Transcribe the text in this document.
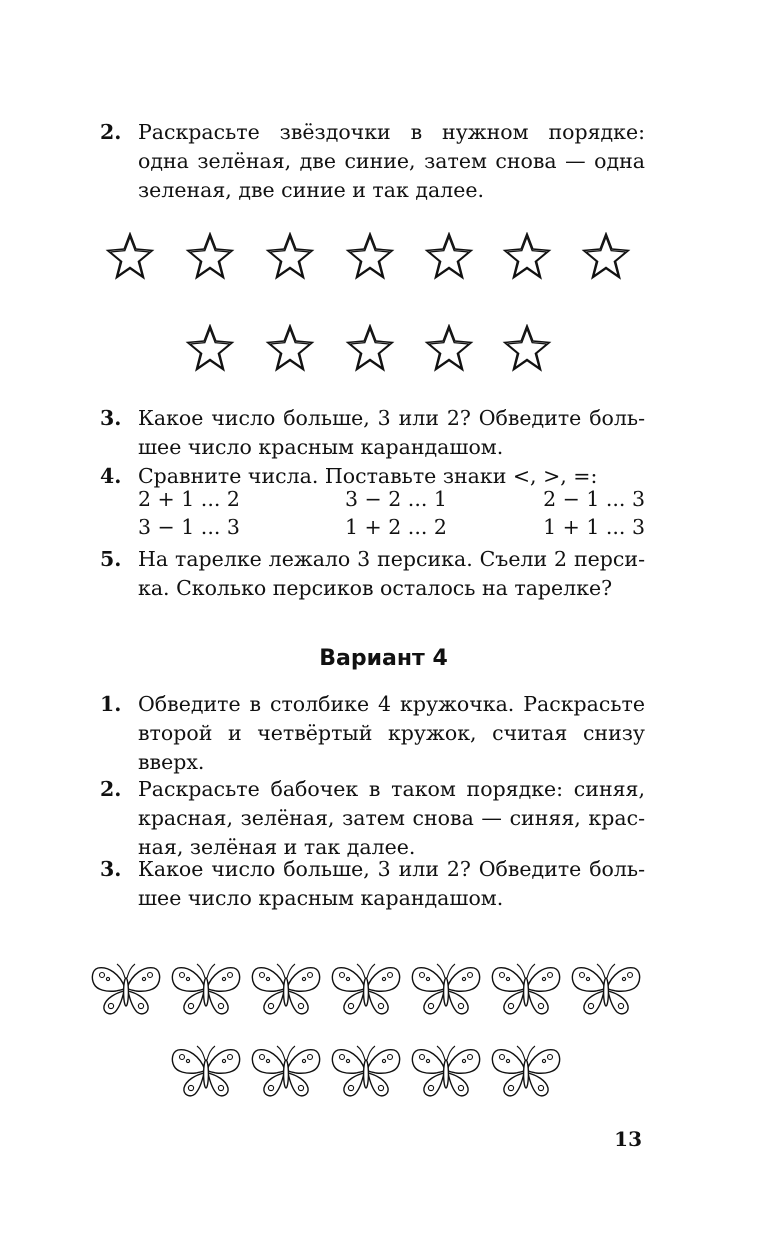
2. Раскрасьте звёздочки в нужном порядке: одна зелёная, две синие, затем снова — одна зеленая, две синие и так далее.
3. Какое число больше, 3 или 2? Обведите большее число красным карандашом.
4. Сравните числа. Поставьте знаки <, >, =:
2 + 1 ... 2	3 − 2 ... 1	2 − 1 ... 3
3 − 1 ... 3	1 + 2 ... 2	1 + 1 ... 3
5. На тарелке лежало 3 персика. Съели 2 персика. Сколько персиков осталось на тарелке?
Вариант 4
1. Обведите в столбике 4 кружочка. Раскрасьте второй и четвёртый кружок, считая снизу вверх.
2. Раскрасьте бабочек в таком порядке: синяя, красная, зелёная, затем снова — синяя, красная, зелёная и так далее.
3. Какое число больше, 3 или 2? Обведите большее число красным карандашом.
13
